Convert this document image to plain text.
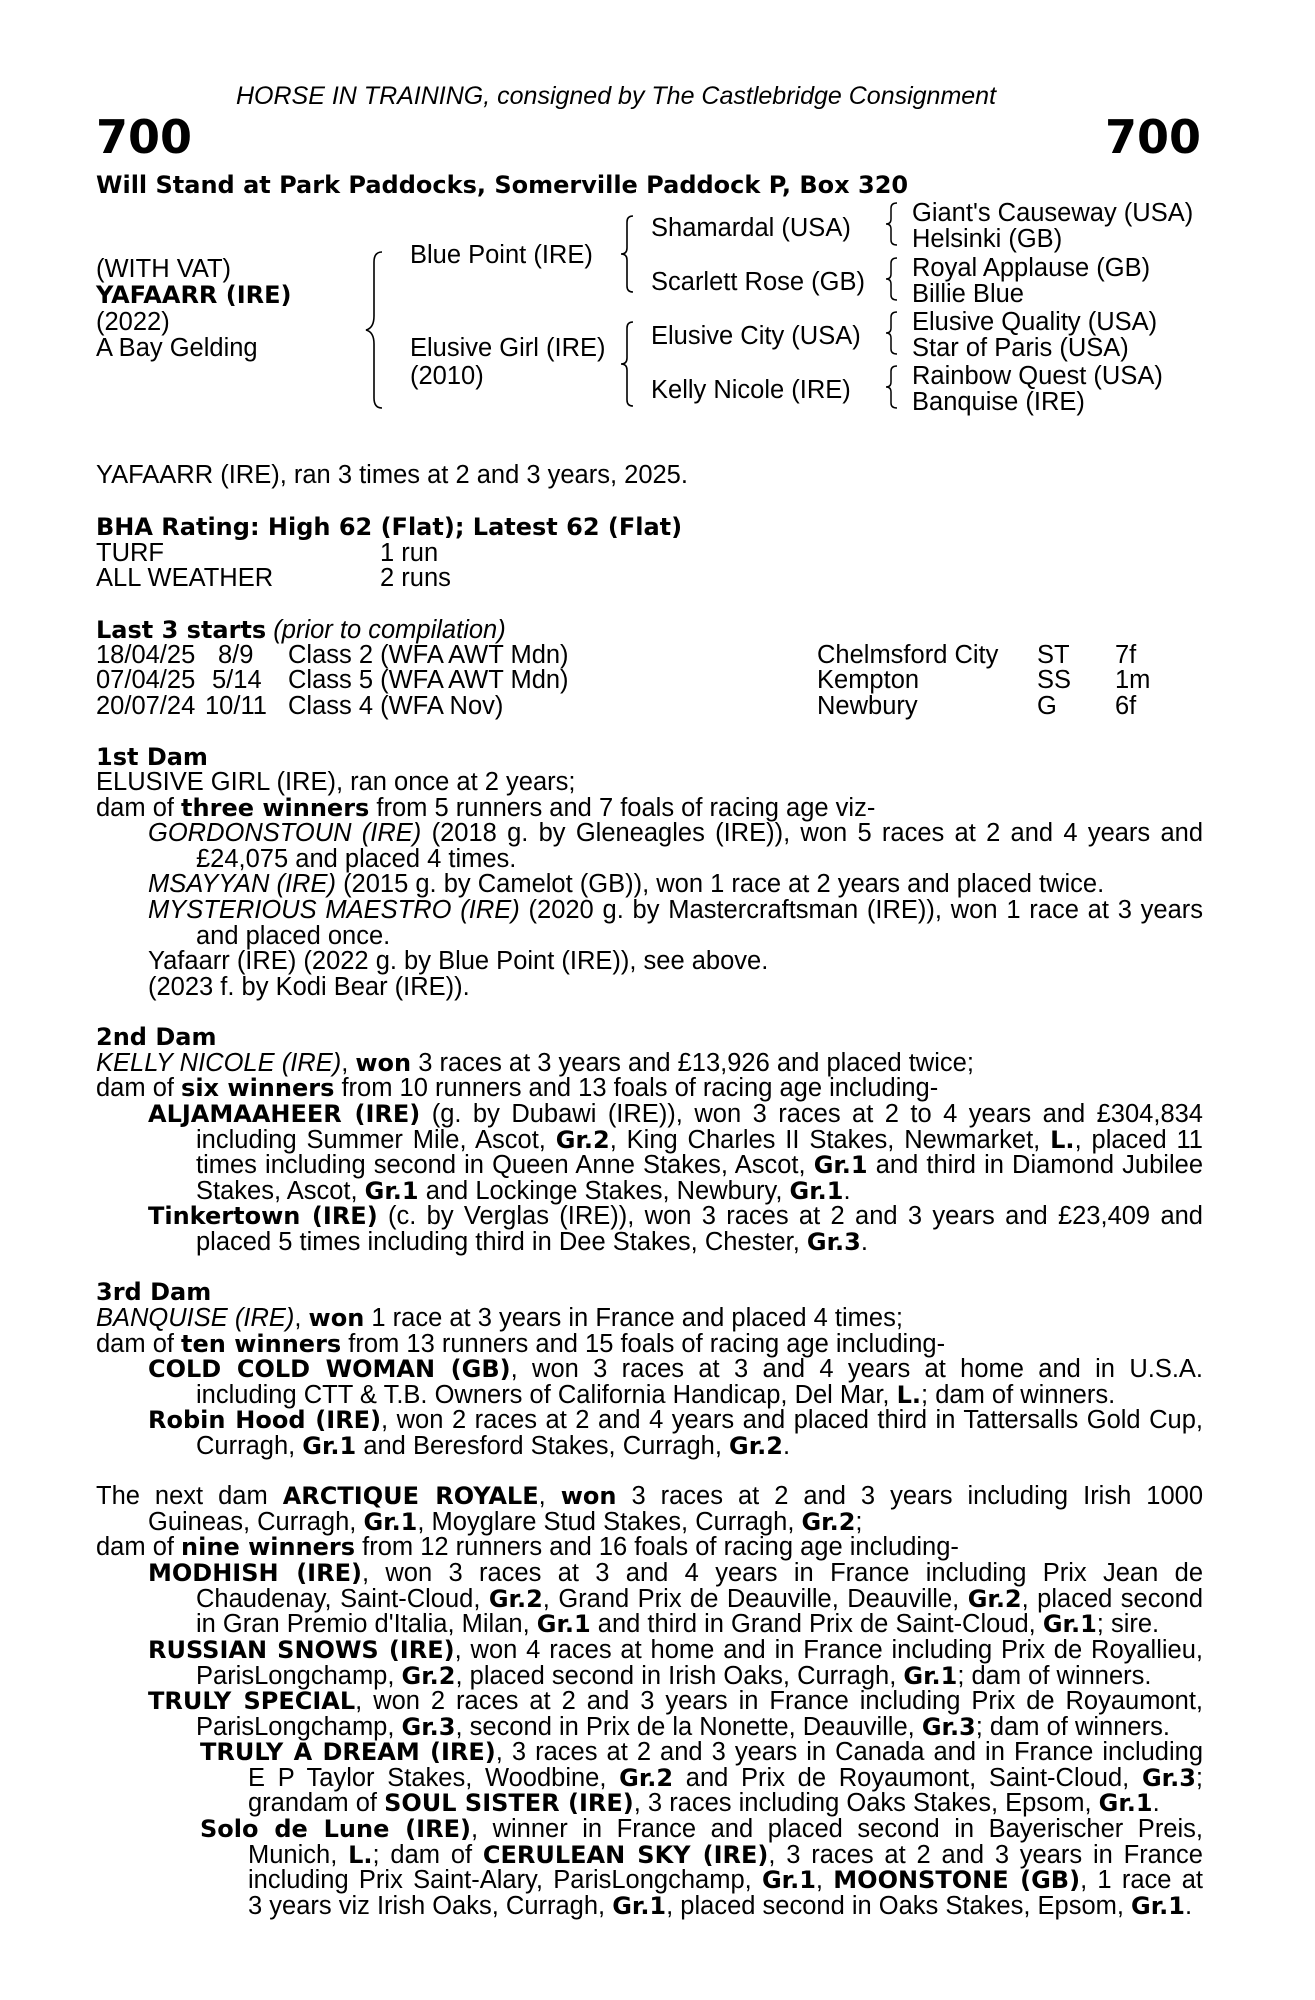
HORSE IN TRAINING, consigned by The Castlebridge Consignment
700	700
Will Stand at Park Paddocks, Somerville Paddock P, Box 320
(WITH VAT)
YAFAARR (IRE)
(2022)
A Bay Gelding
Blue Point (IRE)
Elusive Girl (IRE)
(2010)
Shamardal (USA)
Scarlett Rose (GB)
Elusive City (USA)
Kelly Nicole (IRE)
Giant's Causeway (USA)
Helsinki (GB)
Royal Applause (GB)
Billie Blue
Elusive Quality (USA)
Star of Paris (USA)
Rainbow Quest (USA)
Banquise (IRE)
YAFAARR (IRE), ran 3 times at 2 and 3 years, 2025.
BHA Rating: High 62 (Flat); Latest 62 (Flat)
TURF	1 run
ALL WEATHER	2 runs
Last 3 starts (prior to compilation)
18/04/25 8/9 Class 2 (WFA AWT Mdn)	Chelmsford City ST 7f
07/04/25 5/14 Class 5 (WFA AWT Mdn)	Kempton	SS 1m
20/07/24 10/11 Class 4 (WFA Nov)	Newbury	G 6f
1st Dam
ELUSIVE GIRL (IRE), ran once at 2 years;
dam of three winners from 5 runners and 7 foals of racing age viz-
GORDONSTOUN (IRE) (2018 g. by Gleneagles (IRE)), won 5 races at 2 and 4 years and
£24,075 and placed 4 times.
MSAYYAN (IRE) (2015 g. by Camelot (GB)), won 1 race at 2 years and placed twice.
MYSTERIOUS MAESTRO (IRE) (2020 g. by Mastercraftsman (IRE)), won 1 race at 3 years
and placed once.
Yafaarr (IRE) (2022 g. by Blue Point (IRE)), see above.
(2023 f. by Kodi Bear (IRE)).
2nd Dam
KELLY NICOLE (IRE), won 3 races at 3 years and £13,926 and placed twice;
dam of six winners from 10 runners and 13 foals of racing age including-
ALJAMAAHEER (IRE) (g. by Dubawi (IRE)), won 3 races at 2 to 4 years and £304,834
including Summer Mile, Ascot, Gr.2, King Charles II Stakes, Newmarket, L., placed 11
times including second in Queen Anne Stakes, Ascot, Gr.1 and third in Diamond Jubilee
Stakes, Ascot, Gr.1 and Lockinge Stakes, Newbury, Gr.1.
Tinkertown (IRE) (c. by Verglas (IRE)), won 3 races at 2 and 3 years and £23,409 and
placed 5 times including third in Dee Stakes, Chester, Gr.3.
3rd Dam
BANQUISE (IRE), won 1 race at 3 years in France and placed 4 times;
dam of ten winners from 13 runners and 15 foals of racing age including-
COLD COLD WOMAN (GB), won 3 races at 3 and 4 years at home and in U.S.A.
including CTT & T.B. Owners of California Handicap, Del Mar, L.; dam of winners.
Robin Hood (IRE), won 2 races at 2 and 4 years and placed third in Tattersalls Gold Cup,
Curragh, Gr.1 and Beresford Stakes, Curragh, Gr.2.
The next dam ARCTIQUE ROYALE, won 3 races at 2 and 3 years including Irish 1000
Guineas, Curragh, Gr.1, Moyglare Stud Stakes, Curragh, Gr.2;
dam of nine winners from 12 runners and 16 foals of racing age including-
MODHISH (IRE), won 3 races at 3 and 4 years in France including Prix Jean de
Chaudenay, Saint-Cloud, Gr.2, Grand Prix de Deauville, Deauville, Gr.2, placed second
in Gran Premio d'Italia, Milan, Gr.1 and third in Grand Prix de Saint-Cloud, Gr.1; sire.
RUSSIAN SNOWS (IRE), won 4 races at home and in France including Prix de Royallieu,
ParisLongchamp, Gr.2, placed second in Irish Oaks, Curragh, Gr.1; dam of winners.
TRULY SPECIAL, won 2 races at 2 and 3 years in France including Prix de Royaumont,
ParisLongchamp, Gr.3, second in Prix de la Nonette, Deauville, Gr.3; dam of winners.
TRULY A DREAM (IRE), 3 races at 2 and 3 years in Canada and in France including
E P Taylor Stakes, Woodbine, Gr.2 and Prix de Royaumont, Saint-Cloud, Gr.3;
grandam of SOUL SISTER (IRE), 3 races including Oaks Stakes, Epsom, Gr.1.
Solo de Lune (IRE), winner in France and placed second in Bayerischer Preis,
Munich, L.; dam of CERULEAN SKY (IRE), 3 races at 2 and 3 years in France
including Prix Saint-Alary, ParisLongchamp, Gr.1, MOONSTONE (GB), 1 race at
3 years viz Irish Oaks, Curragh, Gr.1, placed second in Oaks Stakes, Epsom, Gr.1.
